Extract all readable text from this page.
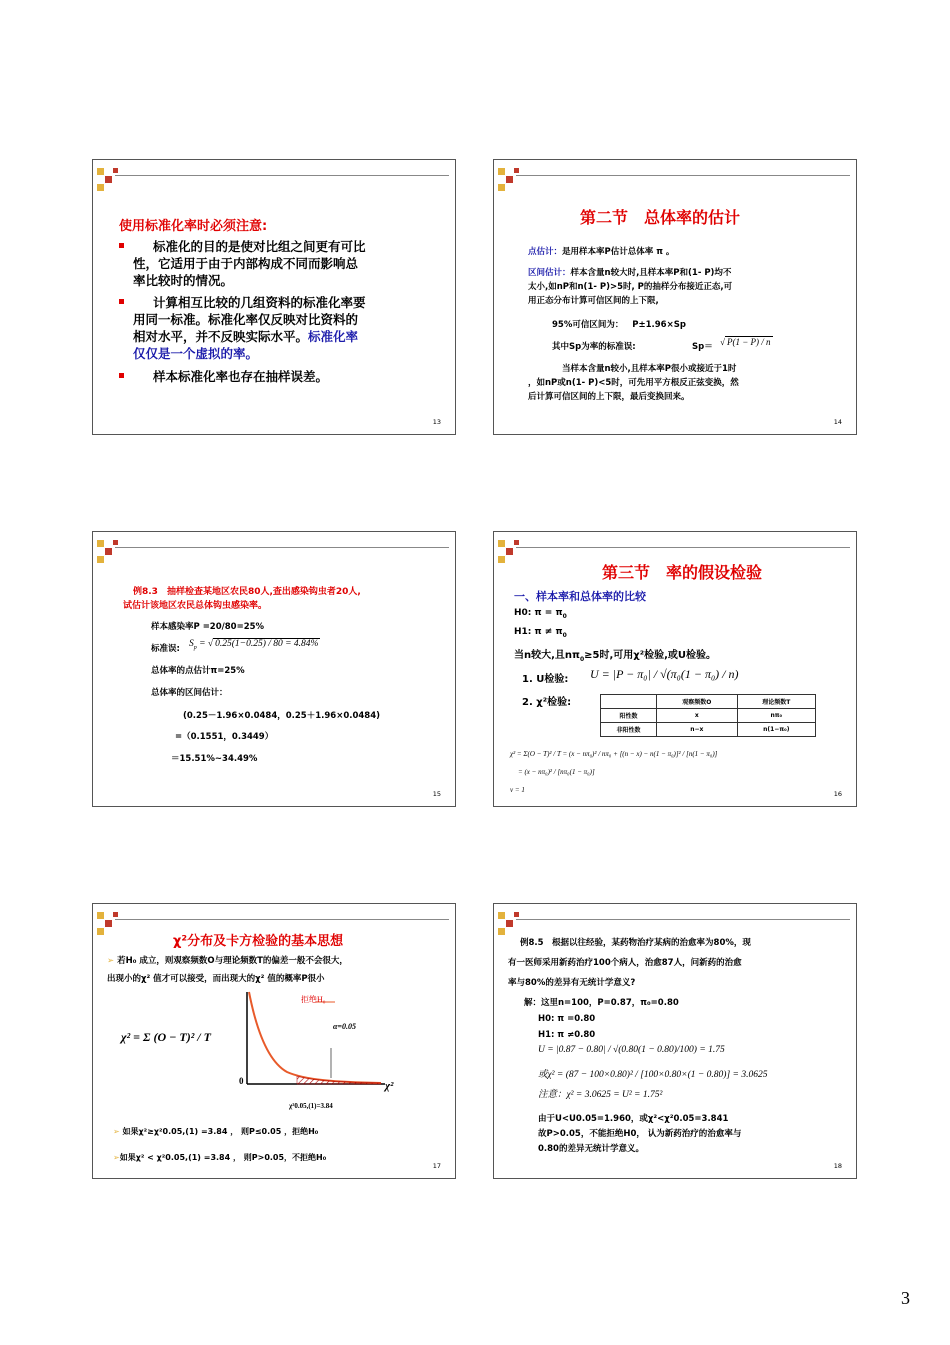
使用标准化率时必须注意:
标准化的目的是使对比组之间更有可比
性，它适用于由于内部构成不同而影响总
率比较时的情况。
计算相互比较的几组资料的标准化率要
用同一标准。标准化率仅反映对比资料的
相对水平，并不反映实际水平。标准化率
仅仅是一个虚拟的率。
样本标准化率也存在抽样误差。
13
第二节　总体率的估计
点估计：是用样本率P估计总体率 π 。
区间估计：样本含量n较大时,且样本率P和(1- P)均不
太小,如nP和n(1- P)>5时, P的抽样分布接近正态,可
用正态分布计算可信区间的上下限,
95%可信区间为： P±1.96×Sp
其中Sp为率的标准误:	Sp＝ √ P(1 − P) / n
当样本含量n较小,且样本率P很小或接近于1时
，如nP或n(1- P)<5时，可先用平方根反正弦变换，然
后计算可信区间的上下限，最后变换回来。
14
例8.3　抽样检查某地区农民80人,查出感染钩虫者20人,
试估计该地区农民总体钩虫感染率。
样本感染率P =20/80=25%
标准误: $S_p$ = √ 0.25(1−0.25) / 80 = 4.84%
总体率的点估计π=25%
总体率的区间估计：
(0.25－1.96×0.0484，0.25＋1.96×0.0484)
=（0.1551，0.3449）
＝15.51%~34.49%
15
第三节　率的假设检验
一、样本率和总体率的比较
H0: $\pi = \pi_0$
H1: $\pi \ne \pi_0$
当n较大,且$n\pi_0\ge 5$时,可用χ²检验,或U检验。
1. U检验: U = |P − π₀| / √(π₀(1 − π₀) / n)
2. χ²检验:
		观察频数O	理论频数T
阳性数	x	nπ₀
非阳性数	n−x	n(1−π₀)
χ² = Σ(O − T)² / T = (x − nπ₀)² / nπ₀ + [(n − x) − n(1 − π₀)]² / [n(1 − π₀)]
= (x − nπ₀)² / [nπ₀(1 − π₀)]
ν = 1	16
χ²分布及卡方检验的基本思想
➢ 若H₀ 成立，则观察频数O与理论频数T的偏差一般不会很大，
出现小的χ² 值才可以接受，而出现大的χ² 值的概率P很小
χ² = Σ (O − T)² / T
拒绝H₀
α=0.05
0	χ²
χ²0.05,(1)=3.84
➢ 如果χ²≥χ²0.05,(1) =3.84 ， 则P≤0.05 ，拒绝H₀
➢如果χ² < χ²0.05,(1) =3.84 ， 则P>0.05，不拒绝H₀
17
例8.5　根据以往经验，某药物治疗某病的治愈率为80%，现
有一医师采用新药治疗100个病人，治愈87人，问新药的治愈
率与80%的差异有无统计学意义?
解：这里n=100，P=0.87，π₀=0.80
H0: π =0.80
H1: π ≠0.80
U = |0.87 − 0.80| / √(0.80(1 − 0.80)/100) = 1.75
或χ² = (87 − 100×0.80)² / [100×0.80×(1 − 0.80)] = 3.0625
注意：χ² = 3.0625 = U² = 1.75²
由于U<U0.05=1.960，或χ²<χ²0.05=3.841
故P>0.05，不能拒绝H0， 认为新药治疗的治愈率与
0.80的差异无统计学意义。
18
3
